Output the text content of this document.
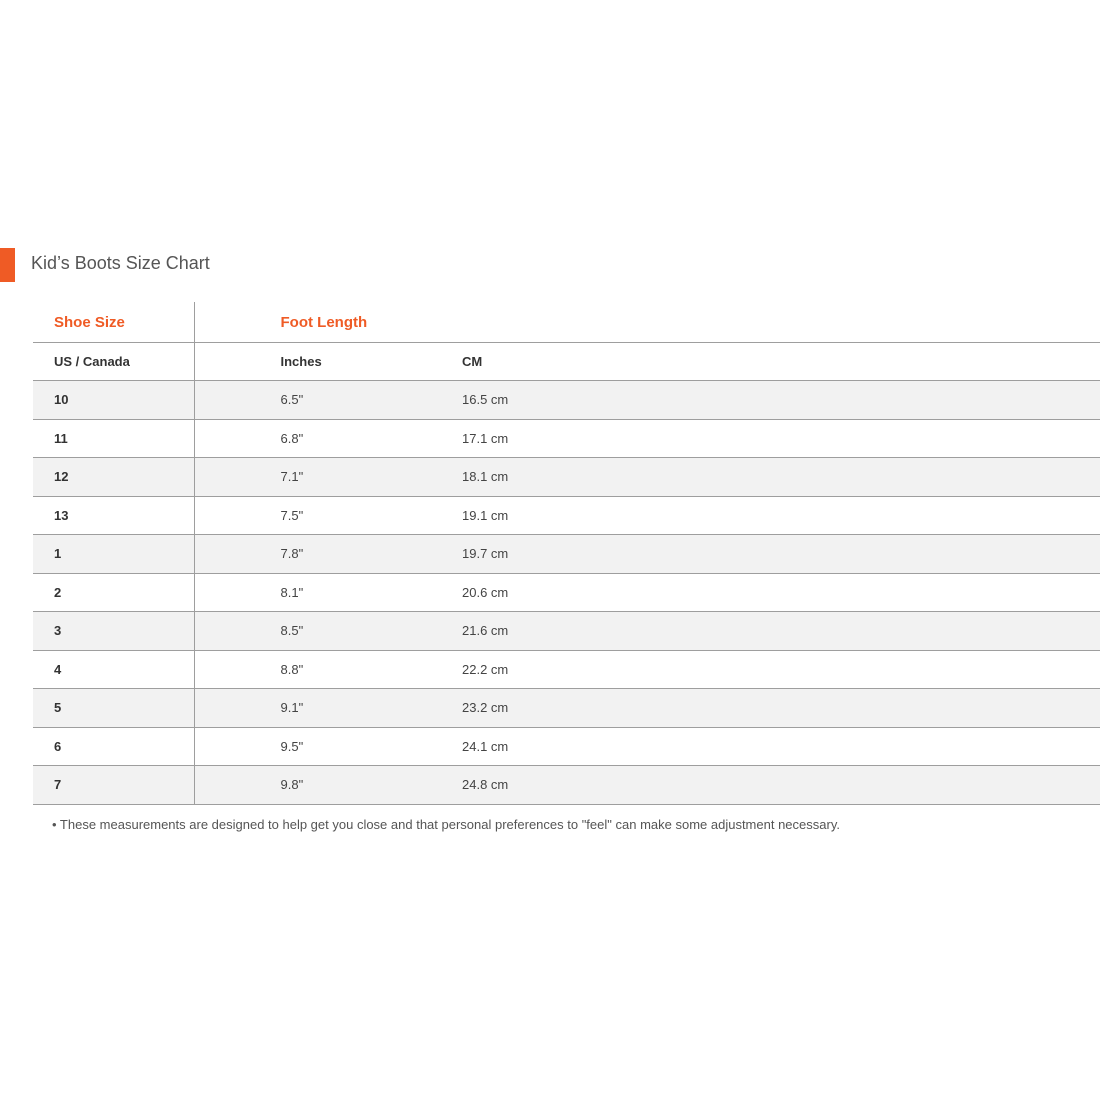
Kid’s Boots Size Chart
Shoe Size	Foot Length	
US / Canada	Inches	CM
10	6.5"	16.5 cm
11	6.8"	17.1 cm
12	7.1"	18.1 cm
13	7.5"	19.1 cm
1	7.8"	19.7 cm
2	8.1"	20.6 cm
3	8.5"	21.6 cm
4	8.8"	22.2 cm
5	9.1"	23.2 cm
6	9.5"	24.1 cm
7	9.8"	24.8 cm
• These measurements are designed to help get you close and that personal preferences to "feel" can make some adjustment necessary.
